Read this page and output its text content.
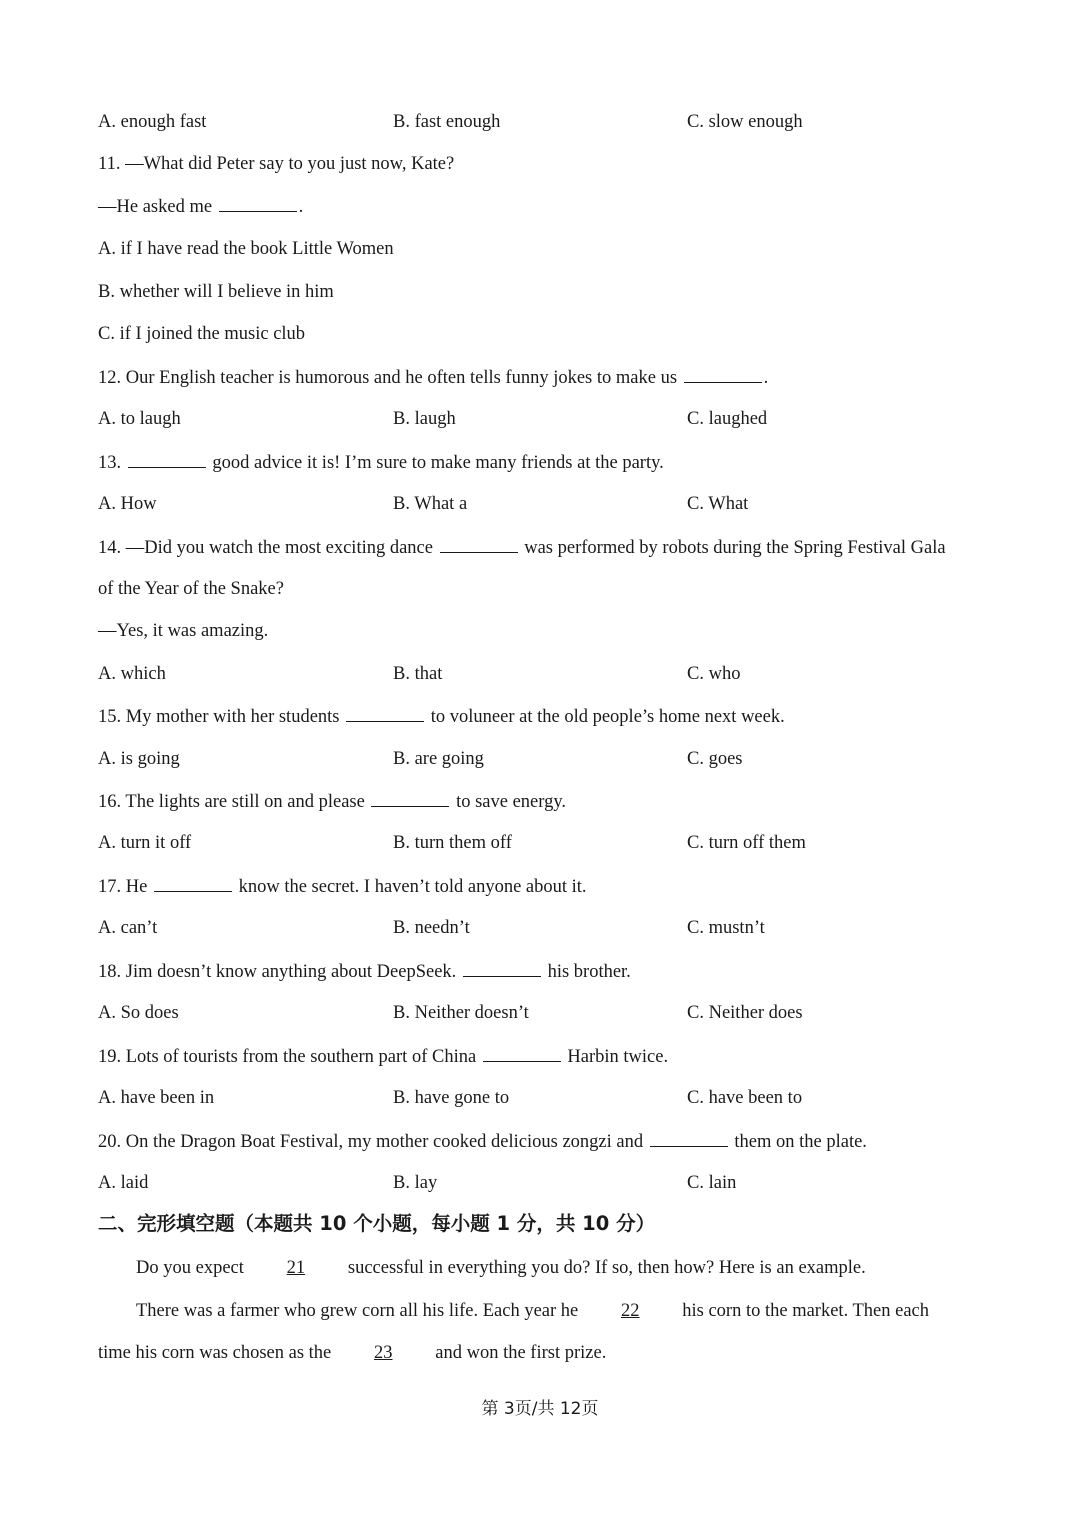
A. enough fast	B. fast enough	C. slow enough
11. —What did Peter say to you just now, Kate?
—He asked me	.
A. if I have read the book Little Women
B. whether will I believe in him
C. if I joined the music club
12. Our English teacher is humorous and he often tells funny jokes to make us	.
A. to laugh	B. laugh	C. laughed
13.	good advice it is! I’m sure to make many friends at the party.
A. How	B. What a	C. What
14. —Did you watch the most exciting dance	was performed by robots during the Spring Festival Gala
of the Year of the Snake?
—Yes, it was amazing.
A. which	B. that	C. who
15. My mother with her students	to voluneer at the old people’s home next week.
A. is going	B. are going	C. goes
16. The lights are still on and please	to save energy.
A. turn it off	B. turn them off	C. turn off them
17. He	know the secret. I haven’t told anyone about it.
A. can’t	B. needn’t	C. mustn’t
18. Jim doesn’t know anything about DeepSeek.	his brother.
A. So does	B. Neither doesn’t	C. Neither does
19. Lots of tourists from the southern part of China	Harbin twice.
A. have been in	B. have gone to	C. have been to
20. On the Dragon Boat Festival, my mother cooked delicious zongzi and	them on the plate.
A. laid	B. lay	C. lain
二、完形填空题（本题共 10 个小题，每小题 1 分，共 10 分）
Do you expect 21 successful in everything you do? If so, then how? Here is an example.
There was a farmer who grew corn all his life. Each year he 22 his corn to the market. Then each
time his corn was chosen as the 23 and won the first prize.
第 3页/共 12页
